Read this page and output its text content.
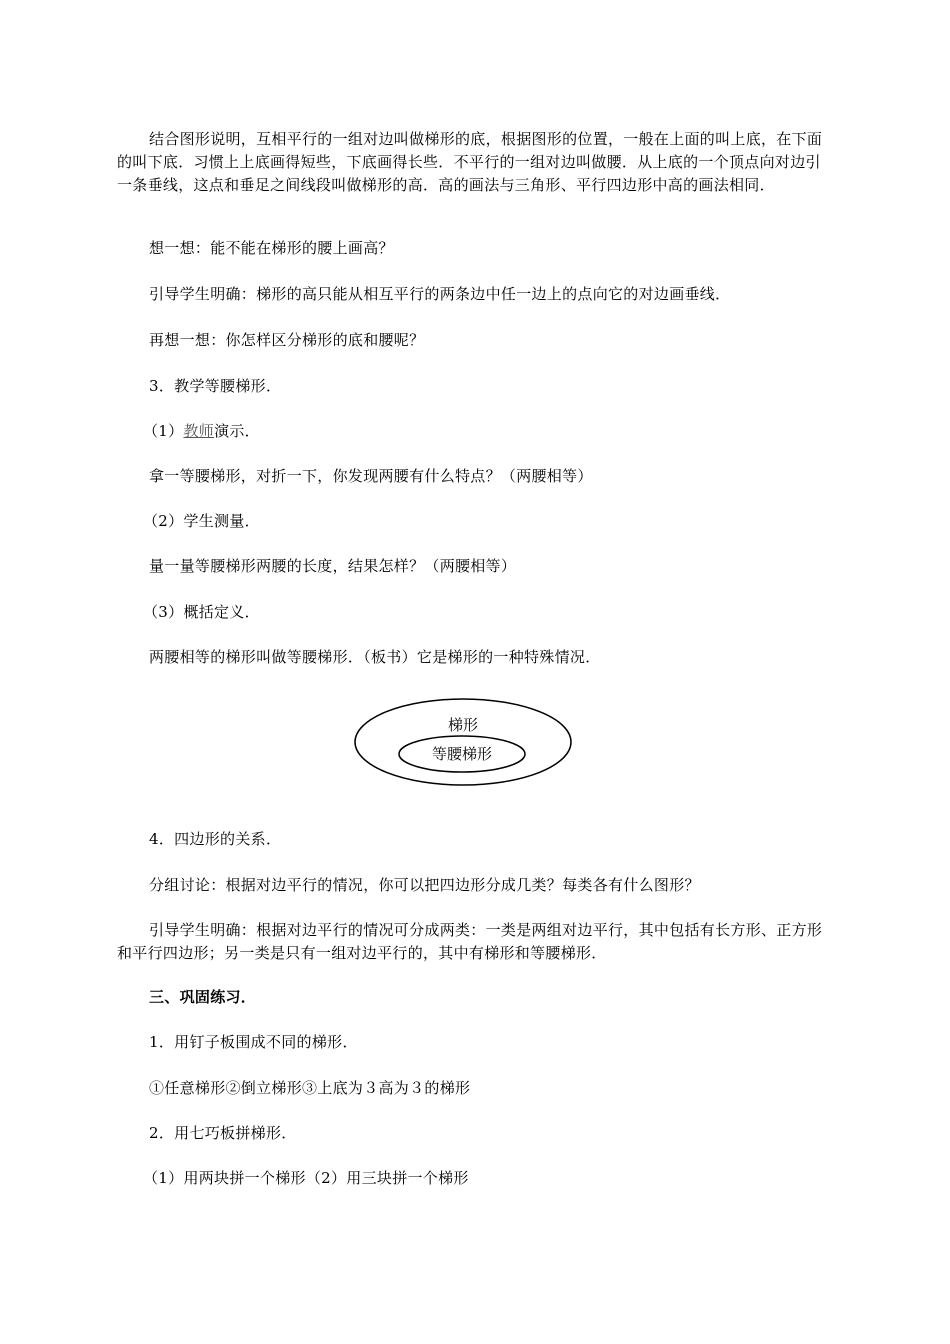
结合图形说明，互相平行的一组对边叫做梯形的底，根据图形的位置，一般在上面的叫上底，在下面的叫下底．习惯上上底画得短些，下底画得长些．不平行的一组对边叫做腰．从上底的一个顶点向对边引一条垂线，这点和垂足之间线段叫做梯形的高．高的画法与三角形、平行四边形中高的画法相同．

想一想：能不能在梯形的腰上画高？

引导学生明确：梯形的高只能从相互平行的两条边中任一边上的点向它的对边画垂线．

再想一想：你怎样区分梯形的底和腰呢？

3．教学等腰梯形．

（1）教师演示．

拿一等腰梯形，对折一下，你发现两腰有什么特点？（两腰相等）

（2）学生测量．

量一量等腰梯形两腰的长度，结果怎样？（两腰相等）

（3）概括定义．

两腰相等的梯形叫做等腰梯形．（板书）它是梯形的一种特殊情况．

梯形
等腰梯形

4．四边形的关系．

分组讨论：根据对边平行的情况，你可以把四边形分成几类？每类各有什么图形？

引导学生明确：根据对边平行的情况可分成两类：一类是两组对边平行，其中包括有长方形、正方形和平行四边形；另一类是只有一组对边平行的，其中有梯形和等腰梯形．

三、巩固练习．

1．用钉子板围成不同的梯形．

①任意梯形②倒立梯形③上底为３高为３的梯形

2．用七巧板拼梯形．

（1）用两块拼一个梯形（2）用三块拼一个梯形
